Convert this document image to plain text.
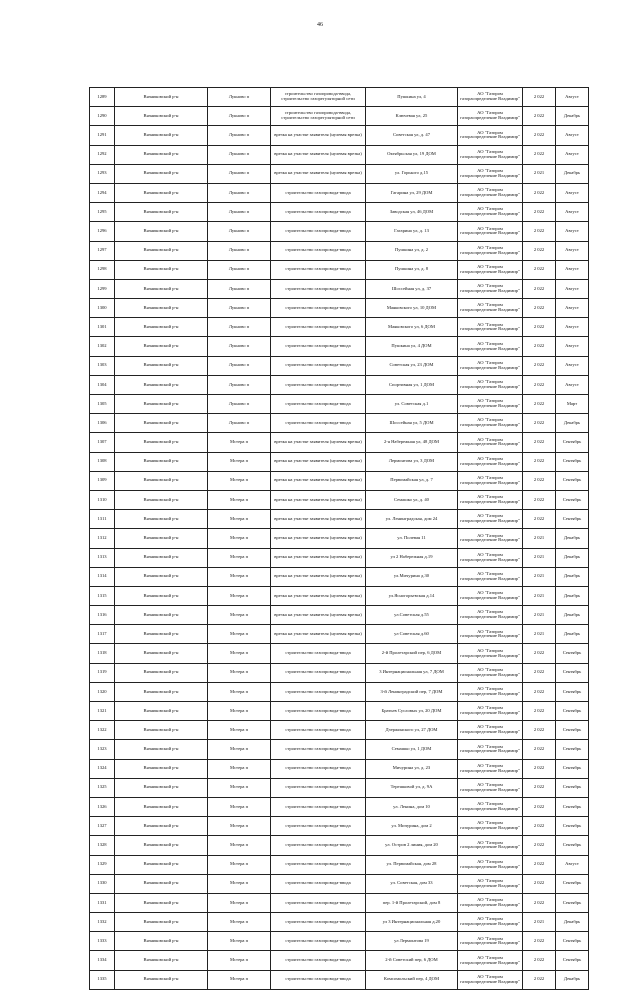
46
1289	Вязниковский р-н	Лукново п	строительство газопровода-ввода, строительство газорегуляторной сети	Пушкина ул, 4	АО "Газпром газораспределение Владимир"	2 022	Август
1290	Вязниковский р-н	Лукново п	строительство газопровода-ввода, строительство газорегуляторной сети	Ключевая ул, 25	АО "Газпром газораспределение Владимир"	2 022	Декабрь
1291	Вязниковский р-н	Лукново п	врезка на участке заявителя (нулевая врезка)	Советская ул, д. 47	АО "Газпром газораспределение Владимир"	2 022	Август
1292	Вязниковский р-н	Лукново п	врезка на участке заявителя (нулевая врезка)	Октябрьская ул, 19 ДОМ	АО "Газпром газораспределение Владимир"	2 022	Август
1293	Вязниковский р-н	Лукново п	врезка на участке заявителя (нулевая врезка)	ул. Горького д.15	АО "Газпром газораспределение Владимир"	2 021	Декабрь
1294	Вязниковский р-н	Лукново п	строительство газопровода-ввода	Гагарина ул, 29 ДОМ	АО "Газпром газораспределение Владимир"	2 022	Август
1295	Вязниковский р-н	Лукново п	строительство газопровода-ввода	Заводская ул, 46 ДОМ	АО "Газпром газораспределение Владимир"	2 022	Август
1296	Вязниковский р-н	Лукново п	строительство газопровода-ввода	Гагарина ул, д. 13	АО "Газпром газораспределение Владимир"	2 022	Август
1297	Вязниковский р-н	Лукново п	строительство газопровода-ввода	Пушкина ул, д. 2	АО "Газпром газораспределение Владимир"	2 022	Август
1298	Вязниковский р-н	Лукново п	строительство газопровода-ввода	Пушкина ул, д. 8	АО "Газпром газораспределение Владимир"	2 022	Август
1299	Вязниковский р-н	Лукново п	строительство газопровода-ввода	Шоссейная ул, д. 37	АО "Газпром газораспределение Владимир"	2 022	Август
1300	Вязниковский р-н	Лукново п	строительство газопровода-ввода	Маяковского ул, 10 ДОМ	АО "Газпром газораспределение Владимир"	2 022	Август
1301	Вязниковский р-н	Лукново п	строительство газопровода-ввода	Маяковского ул, 6 ДОМ	АО "Газпром газораспределение Владимир"	2 022	Август
1302	Вязниковский р-н	Лукново п	строительство газопровода-ввода	Пушкина ул, 4 ДОМ	АО "Газпром газораспределение Владимир"	2 022	Август
1303	Вязниковский р-н	Лукново п	строительство газопровода-ввода	Советская ул, 23 ДОМ	АО "Газпром газораспределение Владимир"	2 022	Август
1304	Вязниковский р-н	Лукново п	строительство газопровода-ввода	Спортивная ул, 1 ДОМ	АО "Газпром газораспределение Владимир"	2 022	Август
1305	Вязниковский р-н	Лукново п	строительство газопровода-ввода	ул. Советская д.1	АО "Газпром газораспределение Владимир"	2 022	Март
1306	Вязниковский р-н	Лукново п	строительство газопровода-ввода	Шоссейная ул, 5 ДОМ	АО "Газпром газораспределение Владимир"	2 022	Декабрь
1307	Вязниковский р-н	Мстера п	врезка на участке заявителя (нулевая врезка)	2-я Набережная ул, 48 ДОМ	АО "Газпром газораспределение Владимир"	2 022	Сентябрь
1308	Вязниковский р-н	Мстера п	врезка на участке заявителя (нулевая врезка)	Лермонтова ул, 3 ДОМ	АО "Газпром газораспределение Владимир"	2 022	Сентябрь
1309	Вязниковский р-н	Мстера п	врезка на участке заявителя (нулевая врезка)	Первомайская ул, д. 7	АО "Газпром газораспределение Владимир"	2 022	Сентябрь
1310	Вязниковский р-н	Мстера п	врезка на участке заявителя (нулевая врезка)	Семашко ул, д. 40	АО "Газпром газораспределение Владимир"	2 022	Сентябрь
1311	Вязниковский р-н	Мстера п	врезка на участке заявителя (нулевая врезка)	ул. Ленинградская, дом 24	АО "Газпром газораспределение Владимир"	2 022	Сентябрь
1312	Вязниковский р-н	Мстера п	врезка на участке заявителя (нулевая врезка)	ул. Полевая 11	АО "Газпром газораспределение Владимир"	2 021	Декабрь
1313	Вязниковский р-н	Мстера п	врезка на участке заявителя (нулевая врезка)	ул 2 Набережная д.19	АО "Газпром газораспределение Владимир"	2 021	Декабрь
1314	Вязниковский р-н	Мстера п	врезка на участке заявителя (нулевая врезка)	ул.Мичурина д.30	АО "Газпром газораспределение Владимир"	2 021	Декабрь
1315	Вязниковский р-н	Мстера п	врезка на участке заявителя (нулевая врезка)	ул.Ясногорьевская д.14	АО "Газпром газораспределение Владимир"	2 021	Декабрь
1316	Вязниковский р-н	Мстера п	врезка на участке заявителя (нулевая врезка)	ул.Советская д.55	АО "Газпром газораспределение Владимир"	2 021	Декабрь
1317	Вязниковский р-н	Мстера п	врезка на участке заявителя (нулевая врезка)	ул Советская д.60	АО "Газпром газораспределение Владимир"	2 021	Декабрь
1318	Вязниковский р-н	Мстера п	строительство газопровода-ввода	2-й Пролетарский пер, 6 ДОМ	АО "Газпром газораспределение Владимир"	2 022	Сентябрь
1319	Вязниковский р-н	Мстера п	строительство газопровода-ввода	3 Интернациональная ул, 7 ДОМ	АО "Газпром газораспределение Владимир"	2 022	Сентябрь
1320	Вязниковский р-н	Мстера п	строительство газопровода-ввода	3-й Ленинградский пер, 7 ДОМ	АО "Газпром газораспределение Владимир"	2 022	Сентябрь
1321	Вязниковский р-н	Мстера п	строительство газопровода-ввода	Братьев Сусловых ул, 20 ДОМ	АО "Газпром газораспределение Владимир"	2 022	Сентябрь
1322	Вязниковский р-н	Мстера п	строительство газопровода-ввода	Дзержинского ул, 27 ДОМ	АО "Газпром газораспределение Владимир"	2 022	Сентябрь
1323	Вязниковский р-н	Мстера п	строительство газопровода-ввода	Семашко ул, 1 ДОМ	АО "Газпром газораспределение Владимир"	2 022	Сентябрь
1324	Вязниковский р-н	Мстера п	строительство газопровода-ввода	Мичурина ул, д. 23	АО "Газпром газораспределение Владимир"	2 022	Сентябрь
1325	Вязниковский р-н	Мстера п	строительство газопровода-ввода	Терешковой ул, д. 9А	АО "Газпром газораспределение Владимир"	2 022	Сентябрь
1326	Вязниковский р-н	Мстера п	строительство газопровода-ввода	ул. Ленина, дом 10	АО "Газпром газораспределение Владимир"	2 022	Сентябрь
1327	Вязниковский р-н	Мстера п	строительство газопровода-ввода	ул. Мичурина, дом 2	АО "Газпром газораспределение Владимир"	2 022	Сентябрь
1328	Вязниковский р-н	Мстера п	строительство газопровода-ввода	ул. Остров 2 линия, дом 20	АО "Газпром газораспределение Владимир"	2 022	Сентябрь
1329	Вязниковский р-н	Мстера п	строительство газопровода-ввода	ул. Первомайская, дом 28	АО "Газпром газораспределение Владимир"	2 022	Август
1330	Вязниковский р-н	Мстера п	строительство газопровода-ввода	ул. Советская, дом 33	АО "Газпром газораспределение Владимир"	2 022	Сентябрь
1331	Вязниковский р-н	Мстера п	строительство газопровода-ввода	пер. 1-й Пролетарский, дом 8	АО "Газпром газораспределение Владимир"	2 022	Сентябрь
1332	Вязниковский р-н	Мстера п	строительство газопровода-ввода	ул 3 Интернациональная д.20	АО "Газпром газораспределение Владимир"	2 021	Декабрь
1333	Вязниковский р-н	Мстера п	строительство газопровода-ввода	ул Лермонтова 19	АО "Газпром газораспределение Владимир"	2 022	Сентябрь
1334	Вязниковский р-н	Мстера п	строительство газопровода-ввода	2-й Советский пер, 6 ДОМ	АО "Газпром газораспределение Владимир"	2 022	Сентябрь
1335	Вязниковский р-н	Мстера п	строительство газопровода-ввода	Комсомольский пер, 4 ДОМ	АО "Газпром газораспределение Владимир"	2 022	Декабрь
